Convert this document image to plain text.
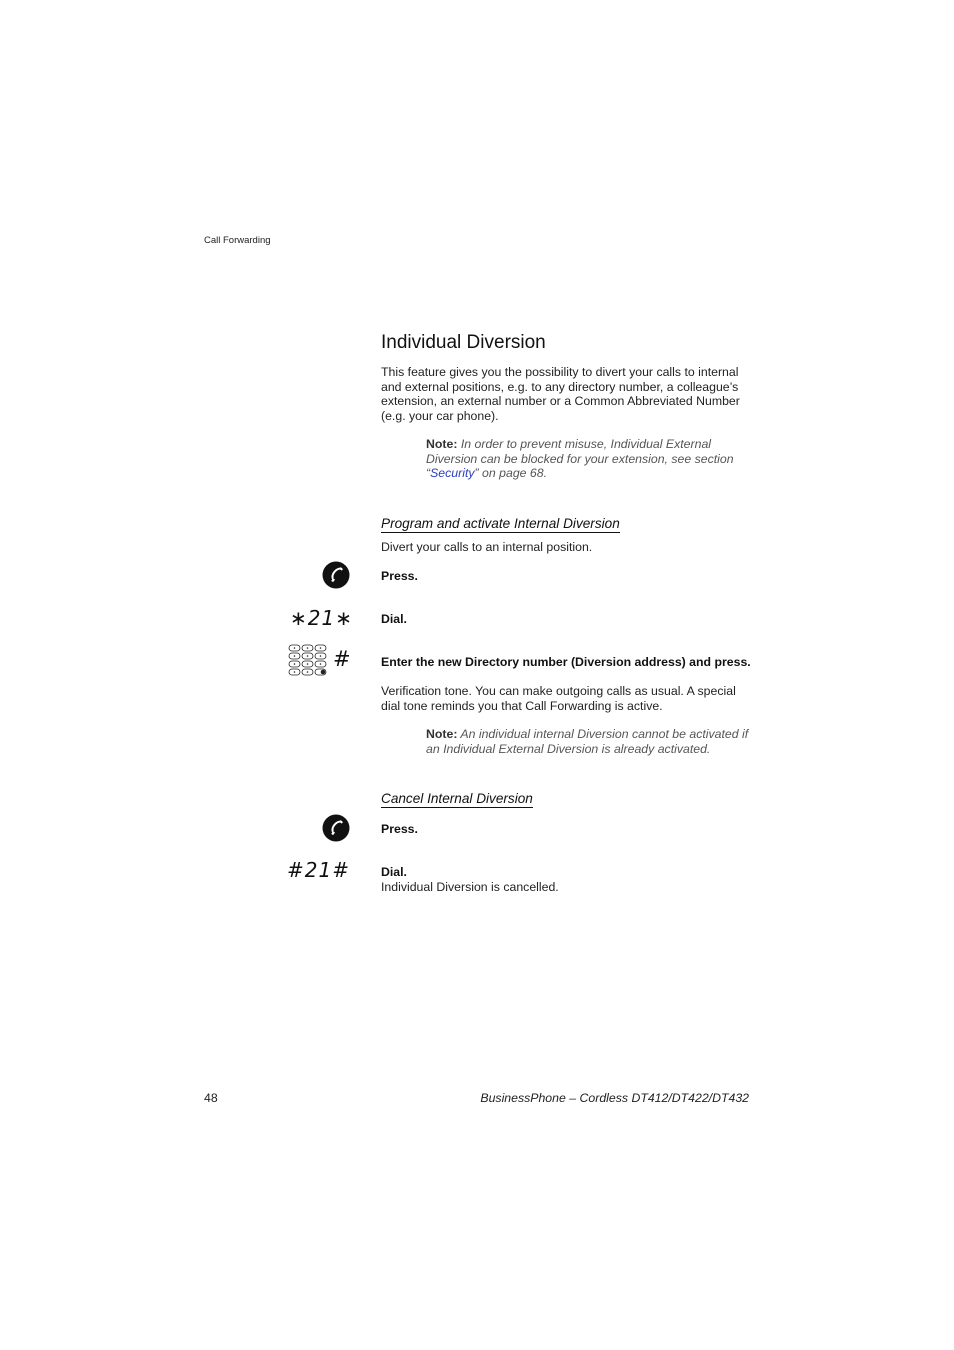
Call Forwarding
Individual Diversion
This feature gives you the possibility to divert your calls to internal and external positions, e.g. to any directory number, a colleague’s extension, an external number or a Common Abbreviated Number (e.g. your car phone).
Note: In order to prevent misuse, Individual External Diversion can be blocked for your extension, see section “Security” on page 68.
Program and activate Internal Diversion
Divert your calls to an internal position.
Press.
∗21∗ Dial.
# Enter the new Directory number (Diversion address) and press.
Verification tone. You can make outgoing calls as usual. A special dial tone reminds you that Call Forwarding is active.
Note: An individual internal Diversion cannot be activated if an Individual External Diversion is already activated.
Cancel Internal Diversion
Press.
#21#	Dial.
Individual Diversion is cancelled.
48	BusinessPhone – Cordless DT412/DT422/DT432
